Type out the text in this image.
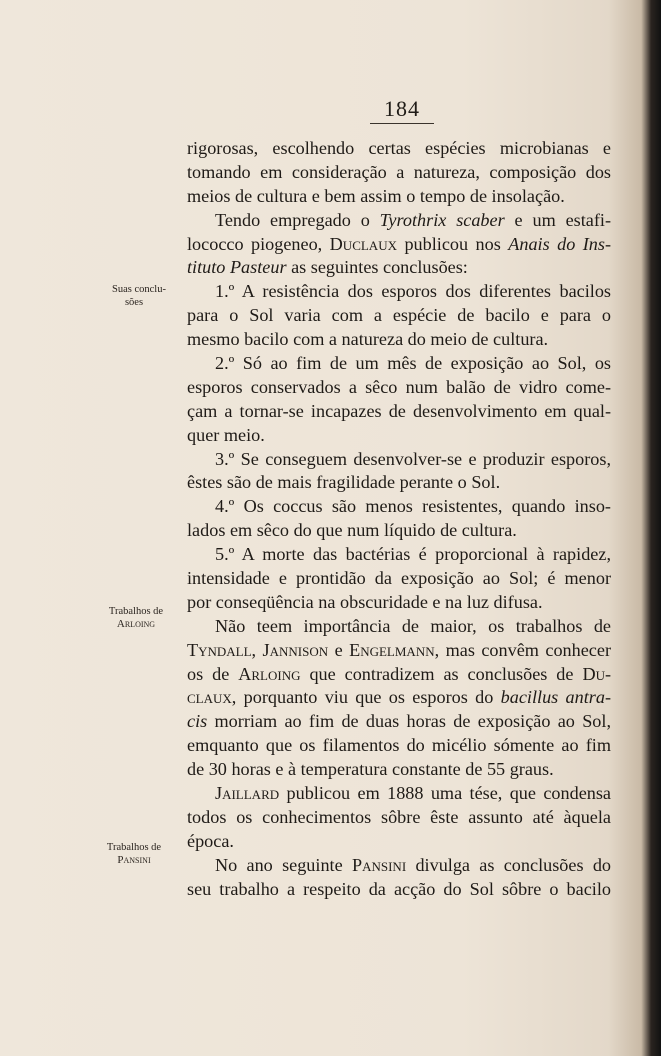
184
Suas conclu-
sões
Trabalhos de
Arloing
Trabalhos de
Pansini
rigorosas, escolhendo certas espécies microbianas e
tomando em consideração a natureza, composição dos
meios de cultura e bem assim o tempo de insolação.
Tendo empregado o Tyrothrix scaber e um estafi-
lococco piogeneo, Duclaux publicou nos Anais do Ins-
tituto Pasteur as seguintes conclusões:
1.º A resistência dos esporos dos diferentes bacilos
para o Sol varia com a espécie de bacilo e para o
mesmo bacilo com a natureza do meio de cultura.
2.º Só ao fim de um mês de exposição ao Sol, os
esporos conservados a sêco num balão de vidro come-
çam a tornar-se incapazes de desenvolvimento em qual-
quer meio.
3.º Se conseguem desenvolver-se e produzir esporos,
êstes são de mais fragilidade perante o Sol.
4.º Os coccus são menos resistentes, quando inso-
lados em sêco do que num líquido de cultura.
5.º A morte das bactérias é proporcional à rapidez,
intensidade e prontidão da exposição ao Sol; é menor
por conseqüência na obscuridade e na luz difusa.
Não teem importância de maior, os trabalhos de
Tyndall, Jannison e Engelmann, mas convêm conhecer
os de Arloing que contradizem as conclusões de Du-
claux, porquanto viu que os esporos do bacillus antra-
cis morriam ao fim de duas horas de exposição ao Sol,
emquanto que os filamentos do micélio sómente ao fim
de 30 horas e à temperatura constante de 55 graus.
Jaillard publicou em 1888 uma tése, que condensa
todos os conhecimentos sôbre êste assunto até àquela
época.
No ano seguinte Pansini divulga as conclusões do
seu trabalho a respeito da acção do Sol sôbre o bacilo
